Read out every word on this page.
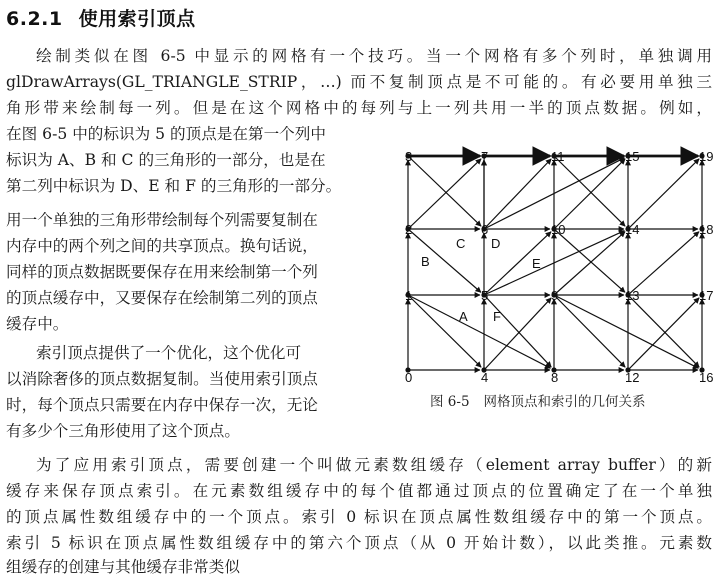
6.2.1 使用索引顶点
绘制类似在图 6-5 中显示的网格有一个技巧。当一个网格有多个列时，单独调用
glDrawArrays(GL_TRIANGLE_STRIP，…) 而不复制顶点是不可能的。有必要用单独三
角形带来绘制每一列。但是在这个网格中的每列与上一列共用一半的顶点数据。例如，
在图 6-5 中的标识为 5 的顶点是在第一个列中
标识为 A、B 和 C 的三角形的一部分，也是在
第二列中标识为 D、E 和 F 的三角形的一部分。
用一个单独的三角形带绘制每个列需要复制在
内存中的两个列之间的共享顶点。换句话说，
同样的顶点数据既要保存在用来绘制第一个列
的顶点缓存中，又要保存在绘制第二列的顶点
缓存中。
索引顶点提供了一个优化，这个优化可
以消除奢侈的顶点数据复制。当使用索引顶点
时，每个顶点只需要在内存中保存一次，无论
有多少个三角形使用了这个顶点。
为了应用索引顶点，需要创建一个叫做元素数组缓存（element array buffer）的新
缓存来保存顶点索引。在元素数组缓存中的每个值都通过顶点的位置确定了在一个单独
的顶点属性数组缓存中的一个顶点。索引 0 标识在顶点属性数组缓存中的第一个顶点。
索引 5 标识在顶点属性数组缓存中的第六个顶点（从 0 开始计数），以此类推。元素数
组缓存的创建与其他缓存非常类似
0
1
2
3
4
5
6
7
8
9
10
11
12
13
14
15
16
17
18
19
A
B
C D
E
F
图 6-5 网格顶点和索引的几何关系
